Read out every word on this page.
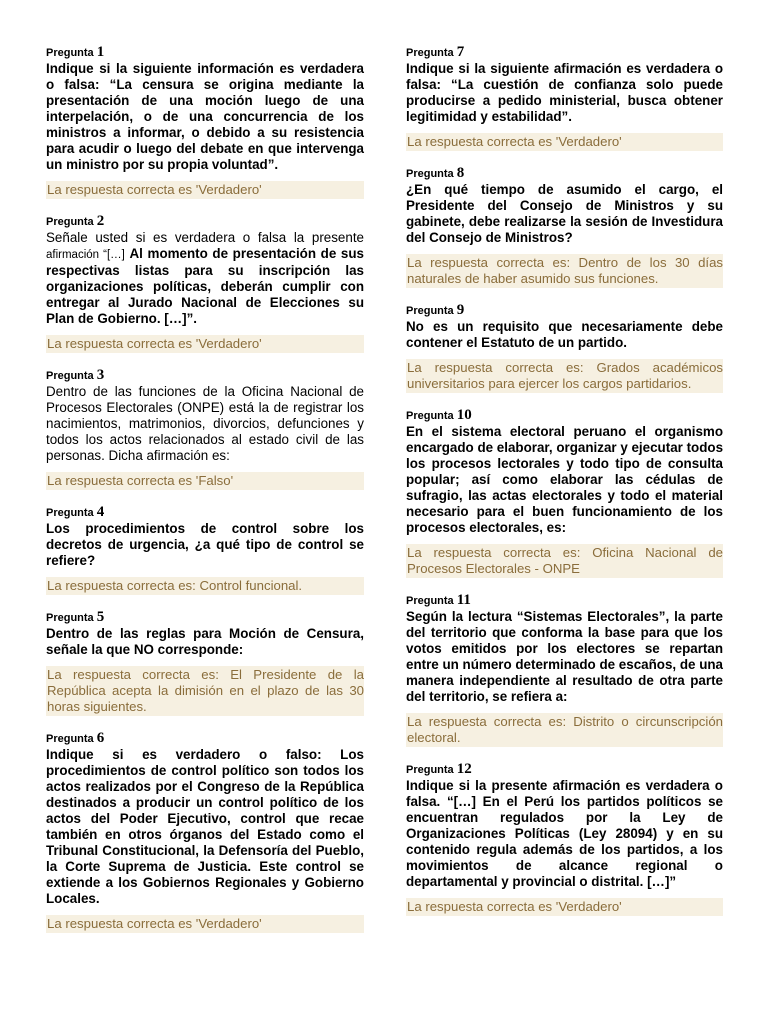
Pregunta 1

Indique si la siguiente información es verdadera o falsa: “La censura se origina mediante la presentación de una moción luego de una interpelación, o de una concurrencia de los ministros a informar, o debido a su resistencia para acudir o luego del debate en que intervenga un ministro por su propia voluntad”.

La respuesta correcta es 'Verdadero'
Pregunta 2

Señale usted si es verdadera o falsa la presente afirmación “[…] Al momento de presentación de sus respectivas listas para su inscripción las organizaciones políticas, deberán cumplir con entregar al Jurado Nacional de Elecciones su Plan de Gobierno. […]”.

La respuesta correcta es 'Verdadero'
Pregunta 3

Dentro de las funciones de la Oficina Nacional de Procesos Electorales (ONPE) está la de registrar los nacimientos, matrimonios, divorcios, defunciones y todos los actos relacionados al estado civil de las personas. Dicha afirmación es:

La respuesta correcta es 'Falso'
Pregunta 4

Los procedimientos de control sobre los decretos de urgencia, ¿a qué tipo de control se refiere?

La respuesta correcta es: Control funcional.
Pregunta 5

Dentro de las reglas para Moción de Censura, señale la que NO corresponde:

La respuesta correcta es: El Presidente de la República acepta la dimisión en el plazo de las 30 horas siguientes.
Pregunta 6

Indique si es verdadero o falso: Los procedimientos de control político son todos los actos realizados por el Congreso de la República destinados a producir un control político de los actos del Poder Ejecutivo, control que recae también en otros órganos del Estado como el Tribunal Constitucional, la Defensoría del Pueblo, la Corte Suprema de Justicia. Este control se extiende a los Gobiernos Regionales y Gobierno Locales.

La respuesta correcta es 'Verdadero'
Pregunta 7

Indique si la siguiente afirmación es verdadera o falsa: “La cuestión de confianza solo puede producirse a pedido ministerial, busca obtener legitimidad y estabilidad”.

La respuesta correcta es 'Verdadero'
Pregunta 8

¿En qué tiempo de asumido el cargo, el Presidente del Consejo de Ministros y su gabinete, debe realizarse la sesión de Investidura del Consejo de Ministros?

La respuesta correcta es: Dentro de los 30 días naturales de haber asumido sus funciones.
Pregunta 9

No es un requisito que necesariamente debe contener el Estatuto de un partido.

La respuesta correcta es: Grados académicos universitarios para ejercer los cargos partidarios.
Pregunta 10

En el sistema electoral peruano el organismo encargado de elaborar, organizar y ejecutar todos los procesos lectorales y todo tipo de consulta popular; así como elaborar las cédulas de sufragio, las actas electorales y todo el material necesario para el buen funcionamiento de los procesos electorales, es:

La respuesta correcta es: Oficina Nacional de Procesos Electorales - ONPE
Pregunta 11

Según la lectura “Sistemas Electorales”, la parte del territorio que conforma la base para que los votos emitidos por los electores se repartan entre un número determinado de escaños, de una manera independiente al resultado de otra parte del territorio, se refiera a:

La respuesta correcta es: Distrito o circunscripción electoral.
Pregunta 12

Indique si la presente afirmación es verdadera o falsa. “[…] En el Perú los partidos políticos se encuentran regulados por la Ley de Organizaciones Políticas (Ley 28094) y en su contenido regula además de los partidos, a los movimientos de alcance regional o departamental y provincial o distrital. […]”

La respuesta correcta es 'Verdadero'
